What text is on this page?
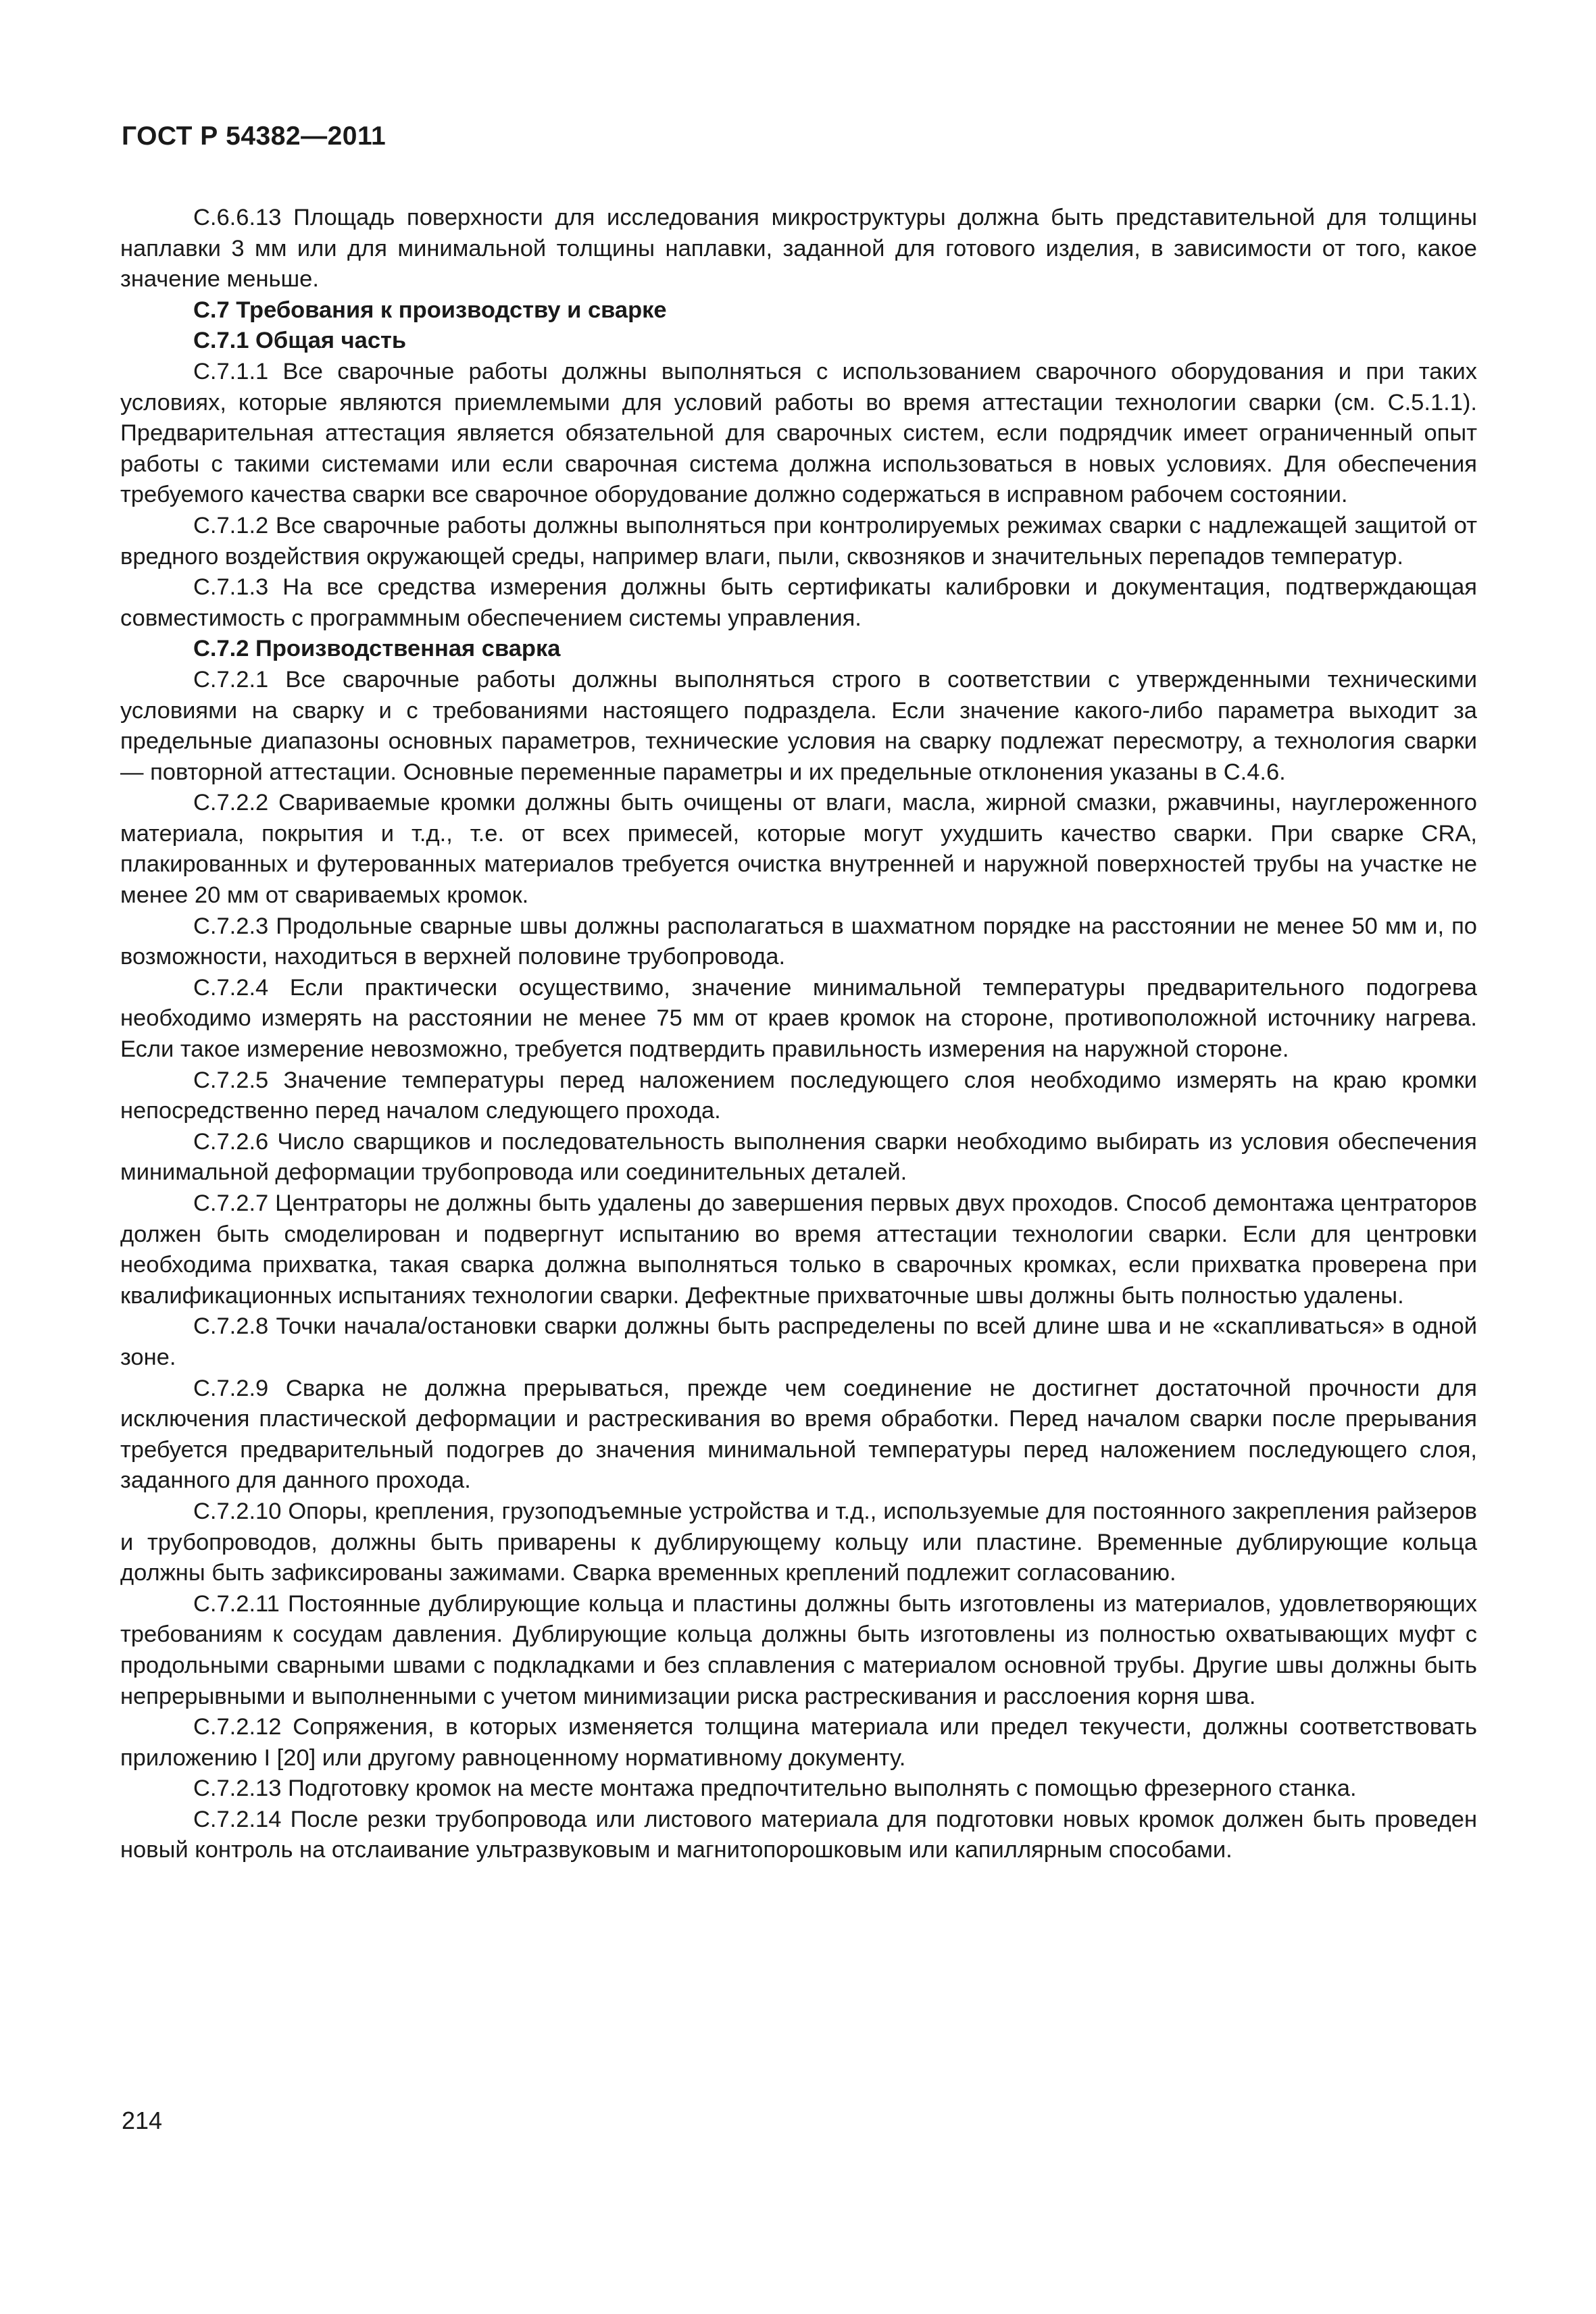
ГОСТ Р 54382—2011

С.6.6.13 Площадь поверхности для исследования микроструктуры должна быть представительной для толщины наплавки 3 мм или для минимальной толщины наплавки, заданной для готового изделия, в зависимости от того, какое значение меньше.

С.7 Требования к производству и сварке

С.7.1 Общая часть

С.7.1.1 Все сварочные работы должны выполняться с использованием сварочного оборудования и при таких условиях, которые являются приемлемыми для условий работы во время аттестации технологии сварки (см. С.5.1.1). Предварительная аттестация является обязательной для сварочных систем, если подрядчик имеет ограниченный опыт работы с такими системами или если сварочная система должна использоваться в новых условиях. Для обеспечения требуемого качества сварки все сварочное оборудование должно содержаться в исправном рабочем состоянии.

С.7.1.2 Все сварочные работы должны выполняться при контролируемых режимах сварки с надлежащей защитой от вредного воздействия окружающей среды, например влаги, пыли, сквозняков и значительных перепадов температур.

С.7.1.3 На все средства измерения должны быть сертификаты калибровки и документация, подтверждающая совместимость с программным обеспечением системы управления.

С.7.2 Производственная сварка

С.7.2.1 Все сварочные работы должны выполняться строго в соответствии с утвержденными техническими условиями на сварку и с требованиями настоящего подраздела. Если значение какого-либо параметра выходит за предельные диапазоны основных параметров, технические условия на сварку подлежат пересмотру, а технология сварки — повторной аттестации. Основные переменные параметры и их предельные отклонения указаны в С.4.6.

С.7.2.2 Свариваемые кромки должны быть очищены от влаги, масла, жирной смазки, ржавчины, науглероженного материала, покрытия и т.д., т.е. от всех примесей, которые могут ухудшить качество сварки. При сварке CRA, плакированных и футерованных материалов требуется очистка внутренней и наружной поверхностей трубы на участке не менее 20 мм от свариваемых кромок.

С.7.2.3 Продольные сварные швы должны располагаться в шахматном порядке на расстоянии не менее 50 мм и, по возможности, находиться в верхней половине трубопровода.

С.7.2.4 Если практически осуществимо, значение минимальной температуры предварительного подогрева необходимо измерять на расстоянии не менее 75 мм от краев кромок на стороне, противоположной источнику нагрева. Если такое измерение невозможно, требуется подтвердить правильность измерения на наружной стороне.

С.7.2.5 Значение температуры перед наложением последующего слоя необходимо измерять на краю кромки непосредственно перед началом следующего прохода.

С.7.2.6 Число сварщиков и последовательность выполнения сварки необходимо выбирать из условия обеспечения минимальной деформации трубопровода или соединительных деталей.

С.7.2.7 Центраторы не должны быть удалены до завершения первых двух проходов. Способ демонтажа центраторов должен быть смоделирован и подвергнут испытанию во время аттестации технологии сварки. Если для центровки необходима прихватка, такая сварка должна выполняться только в сварочных кромках, если прихватка проверена при квалификационных испытаниях технологии сварки. Дефектные прихваточные швы должны быть полностью удалены.

С.7.2.8 Точки начала/остановки сварки должны быть распределены по всей длине шва и не «скапливаться» в одной зоне.

С.7.2.9 Сварка не должна прерываться, прежде чем соединение не достигнет достаточной прочности для исключения пластической деформации и растрескивания во время обработки. Перед началом сварки после прерывания требуется предварительный подогрев до значения минимальной температуры перед наложением последующего слоя, заданного для данного прохода.

С.7.2.10 Опоры, крепления, грузоподъемные устройства и т.д., используемые для постоянного закрепления райзеров и трубопроводов, должны быть приварены к дублирующему кольцу или пластине. Временные дублирующие кольца должны быть зафиксированы зажимами. Сварка временных креплений подлежит согласованию.

С.7.2.11 Постоянные дублирующие кольца и пластины должны быть изготовлены из материалов, удовлетворяющих требованиям к сосудам давления. Дублирующие кольца должны быть изготовлены из полностью охватывающих муфт с продольными сварными швами с подкладками и без сплавления с материалом основной трубы. Другие швы должны быть непрерывными и выполненными с учетом минимизации риска растрескивания и расслоения корня шва.

С.7.2.12 Сопряжения, в которых изменяется толщина материала или предел текучести, должны соответствовать приложению I [20] или другому равноценному нормативному документу.

С.7.2.13 Подготовку кромок на месте монтажа предпочтительно выполнять с помощью фрезерного станка.

С.7.2.14 После резки трубопровода или листового материала для подготовки новых кромок должен быть проведен новый контроль на отслаивание ультразвуковым и магнитопорошковым или капиллярным способами.

214
